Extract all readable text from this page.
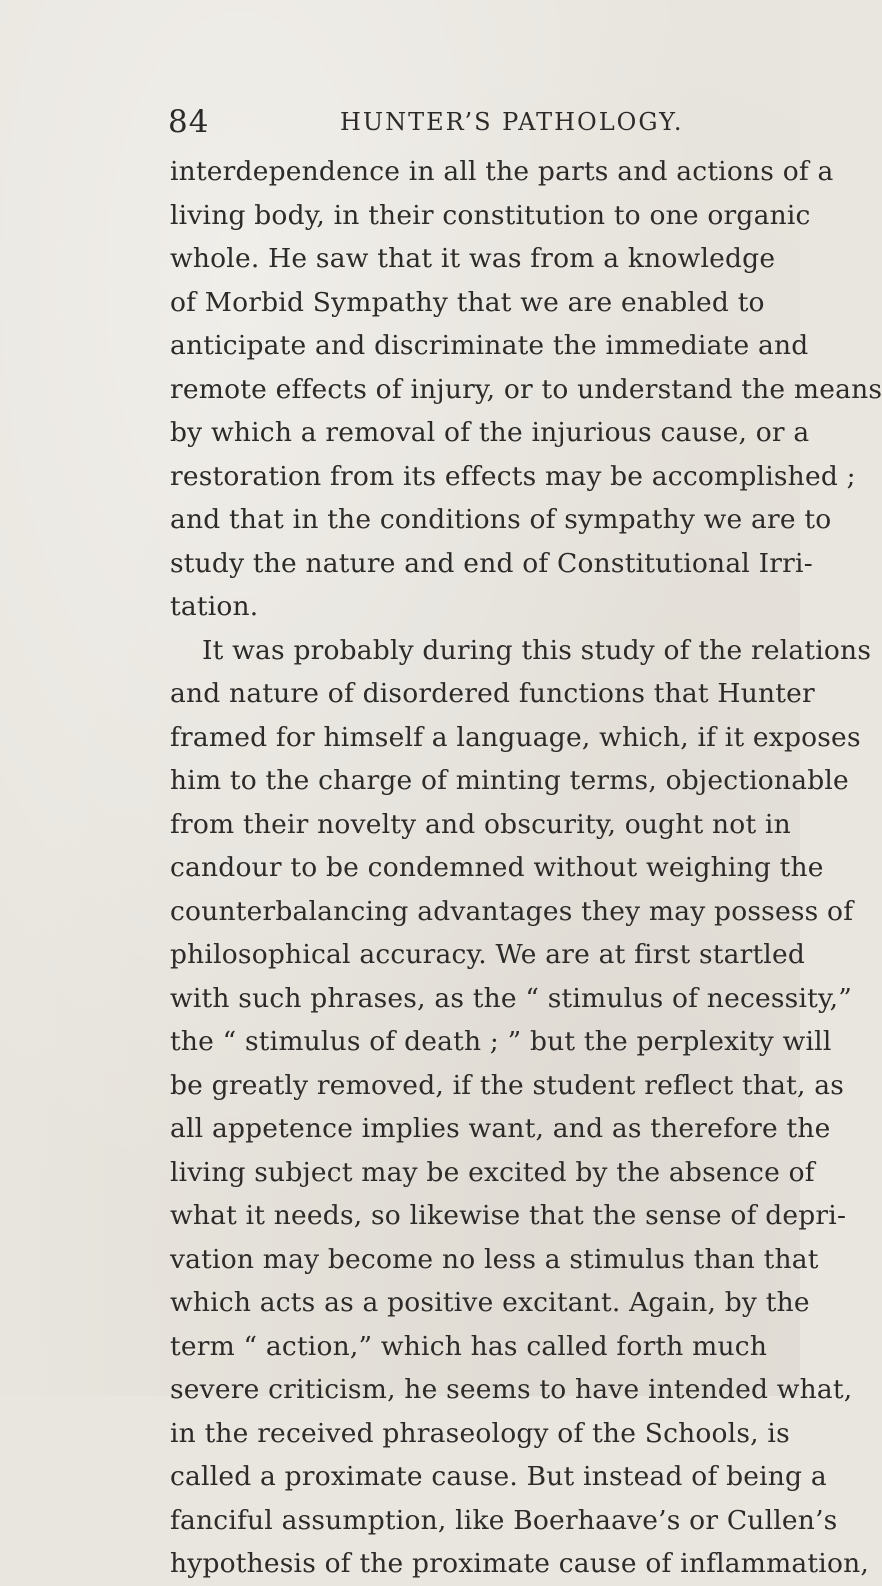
84	HUNTER’S PATHOLOGY.
interdependence in all the parts and actions of a
living body, in their constitution to one organic
whole. He saw that it was from a knowledge
of Morbid Sympathy that we are enabled to
anticipate and discriminate the immediate and
remote effects of injury, or to understand the means
by which a removal of the injurious cause, or a
restoration from its effects may be accomplished ;
and that in the conditions of sympathy we are to
study the nature and end of Constitutional Irri-
tation.
It was probably during this study of the relations
and nature of disordered functions that Hunter
framed for himself a language, which, if it exposes
him to the charge of minting terms, objectionable
from their novelty and obscurity, ought not in
candour to be condemned without weighing the
counterbalancing advantages they may possess of
philosophical accuracy. We are at first startled
with such phrases, as the “ stimulus of necessity,”
the “ stimulus of death ; ” but the perplexity will
be greatly removed, if the student reflect that, as
all appetence implies want, and as therefore the
living subject may be excited by the absence of
what it needs, so likewise that the sense of depri-
vation may become no less a stimulus than that
which acts as a positive excitant. Again, by the
term “ action,” which has called forth much
severe criticism, he seems to have intended what,
in the received phraseology of the Schools, is
called a proximate cause. But instead of being a
fanciful assumption, like Boerhaave’s or Cullen’s
hypothesis of the proximate cause of inflammation,
